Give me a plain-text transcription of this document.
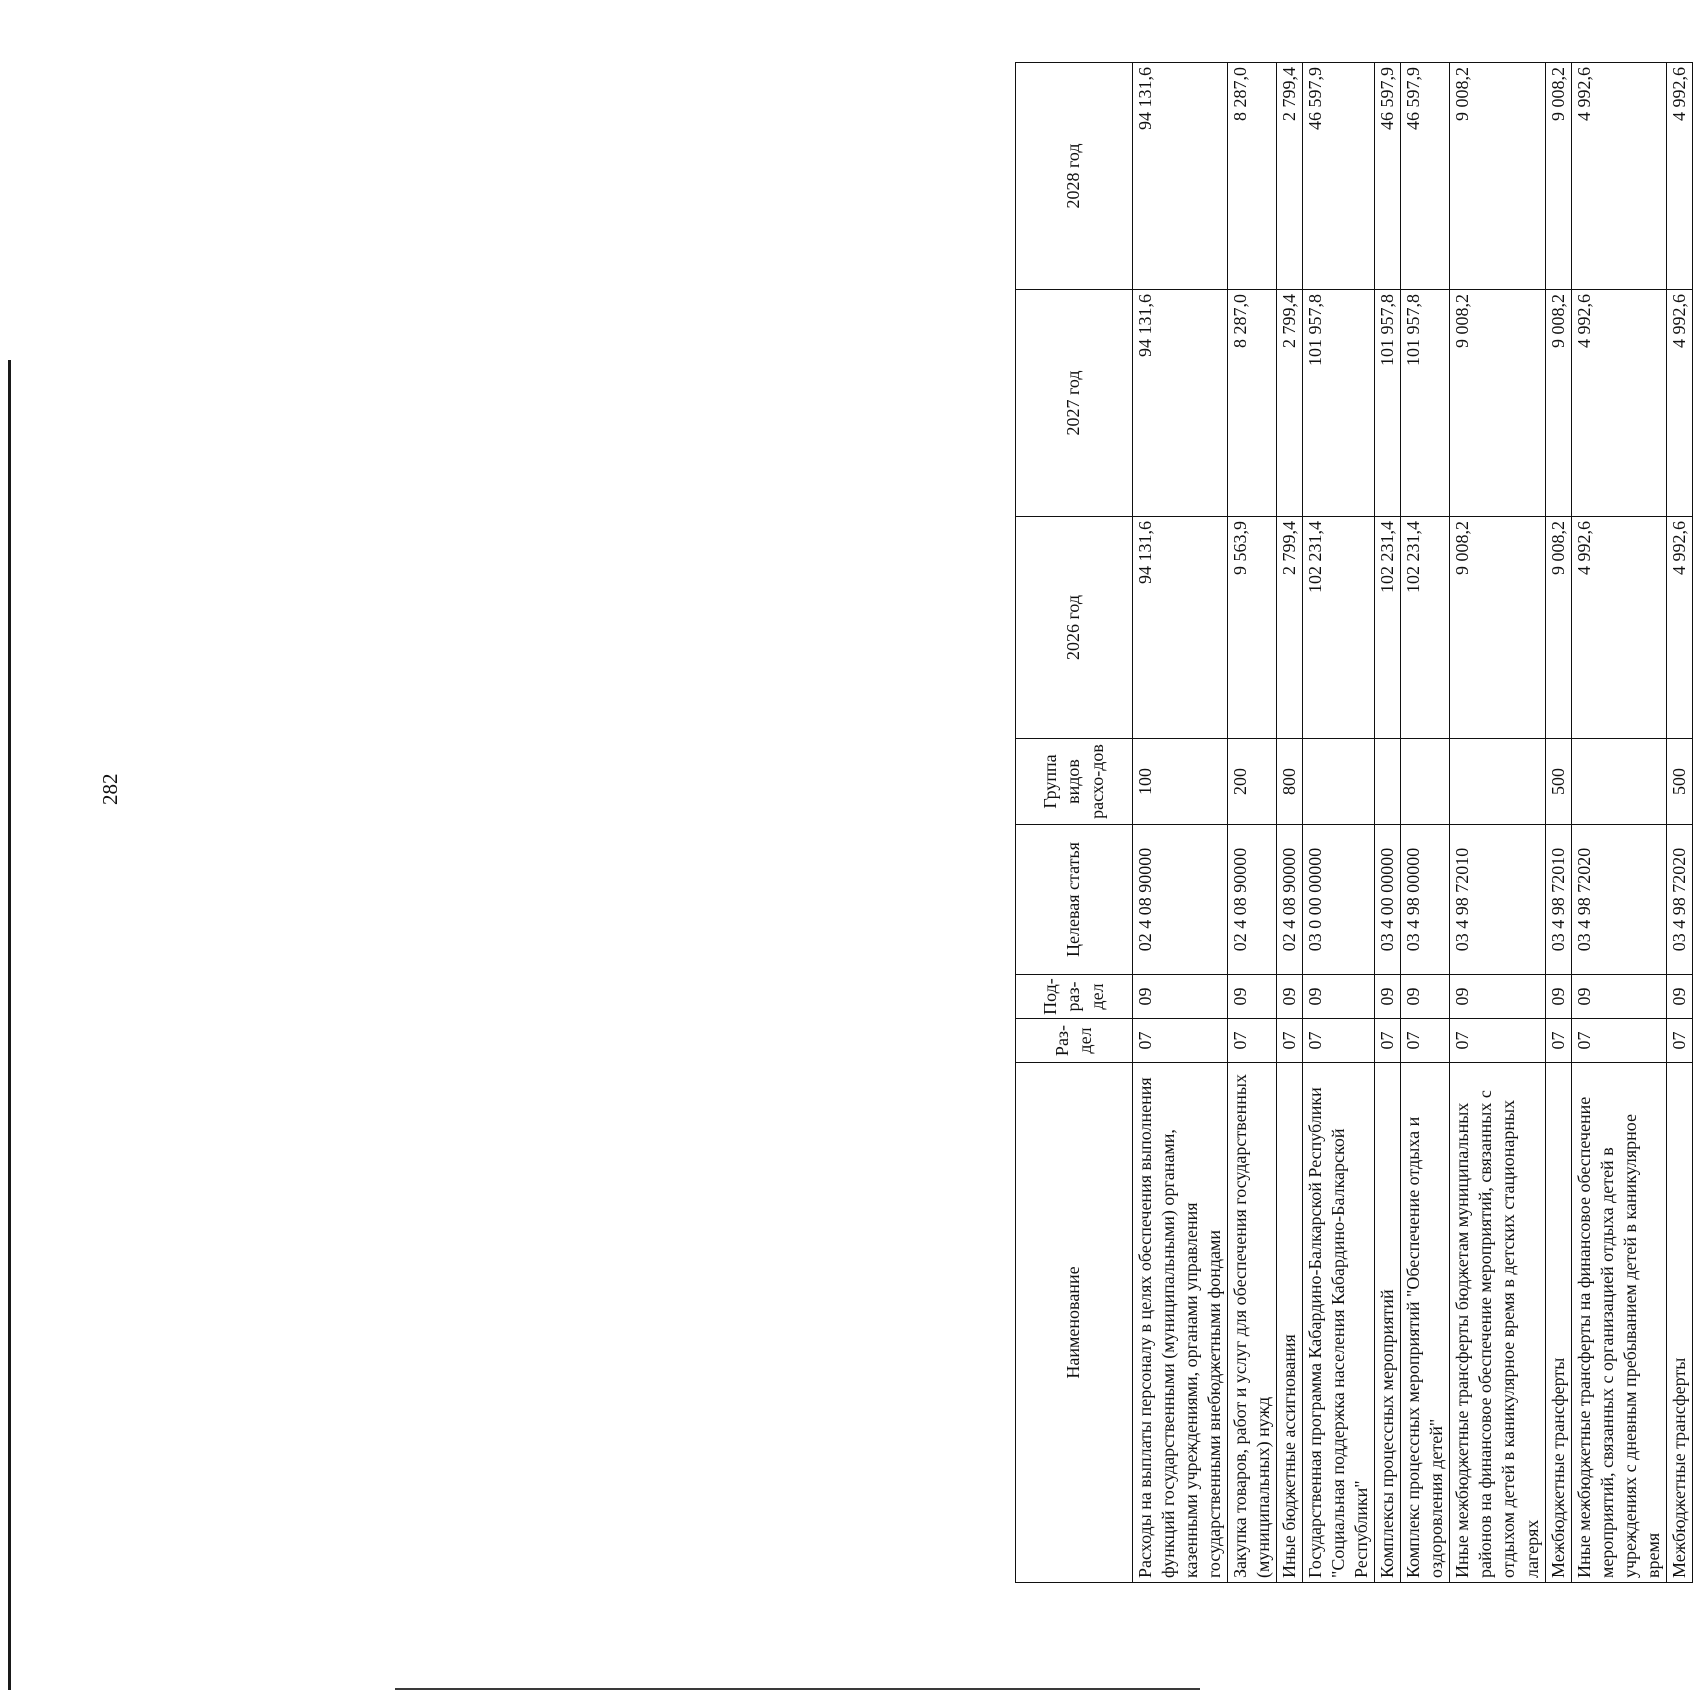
282
Наименование	Раз-дел	Под-раз-дел	Целевая статья	Группа видов расхо-дов	2026 год	2027 год	2028 год
Расходы на выплаты персоналу в целях обеспечения выполнения функций государственными (муниципальными) органами, казенными учреждениями, органами управления государственными внебюджетными фондами	07	09	02 4 08 90000	100	94 131,6	94 131,6	94 131,6
Закупка товаров, работ и услуг для обеспечения государственных (муниципальных) нужд	07	09	02 4 08 90000	200	9 563,9	8 287,0	8 287,0
Иные бюджетные ассигнования	07	09	02 4 08 90000	800	2 799,4	2 799,4	2 799,4
Государственная программа Кабардино-Балкарской Республики "Социальная поддержка населения Кабардино-Балкарской Республики"	07	09	03 0 00 00000		102 231,4	101 957,8	46 597,9
Комплексы процессных мероприятий	07	09	03 4 00 00000		102 231,4	101 957,8	46 597,9
Комплекс процессных мероприятий "Обеспечение отдыха и оздоровления детей"	07	09	03 4 98 00000		102 231,4	101 957,8	46 597,9
Иные межбюджетные трансферты бюджетам муниципальных районов на финансовое обеспечение мероприятий, связанных с отдыхом детей в каникулярное время в детских стационарных лагерях	07	09	03 4 98 72010		9 008,2	9 008,2	9 008,2
Межбюджетные трансферты	07	09	03 4 98 72010	500	9 008,2	9 008,2	9 008,2
Иные межбюджетные трансферты на финансовое обеспечение мероприятий, связанных с организацией отдыха детей в учреждениях с дневным пребыванием детей в каникулярное время	07	09	03 4 98 72020		4 992,6	4 992,6	4 992,6
Межбюджетные трансферты	07	09	03 4 98 72020	500	4 992,6	4 992,6	4 992,6
